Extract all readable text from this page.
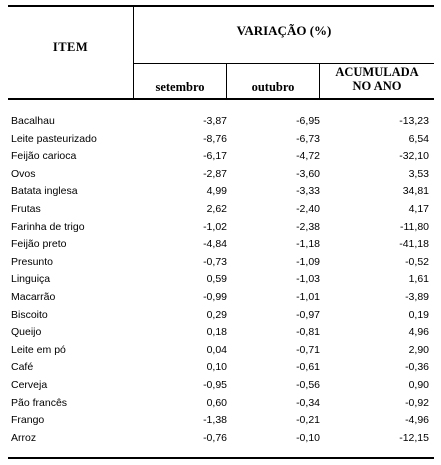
ITEM
VARIAÇÃO (%)
setembro	outubro
ACUMULADA
NO ANO
Bacalhau	-3,87	-6,95	-13,23
Leite pasteurizado	-8,76	-6,73	6,54
Feijão carioca	-6,17	-4,72	-32,10
Ovos	-2,87	-3,60	3,53
Batata inglesa	4,99	-3,33	34,81
Frutas	2,62	-2,40	4,17
Farinha de trigo	-1,02	-2,38	-11,80
Feijão preto	-4,84	-1,18	-41,18
Presunto	-0,73	-1,09	-0,52
Linguiça	0,59	-1,03	1,61
Macarrão	-0,99	-1,01	-3,89
Biscoito	0,29	-0,97	0,19
Queijo	0,18	-0,81	4,96
Leite em pó	0,04	-0,71	2,90
Café	0,10	-0,61	-0,36
Cerveja	-0,95	-0,56	0,90
Pão francês	0,60	-0,34	-0,92
Frango	-1,38	-0,21	-4,96
Arroz	-0,76	-0,10	-12,15
